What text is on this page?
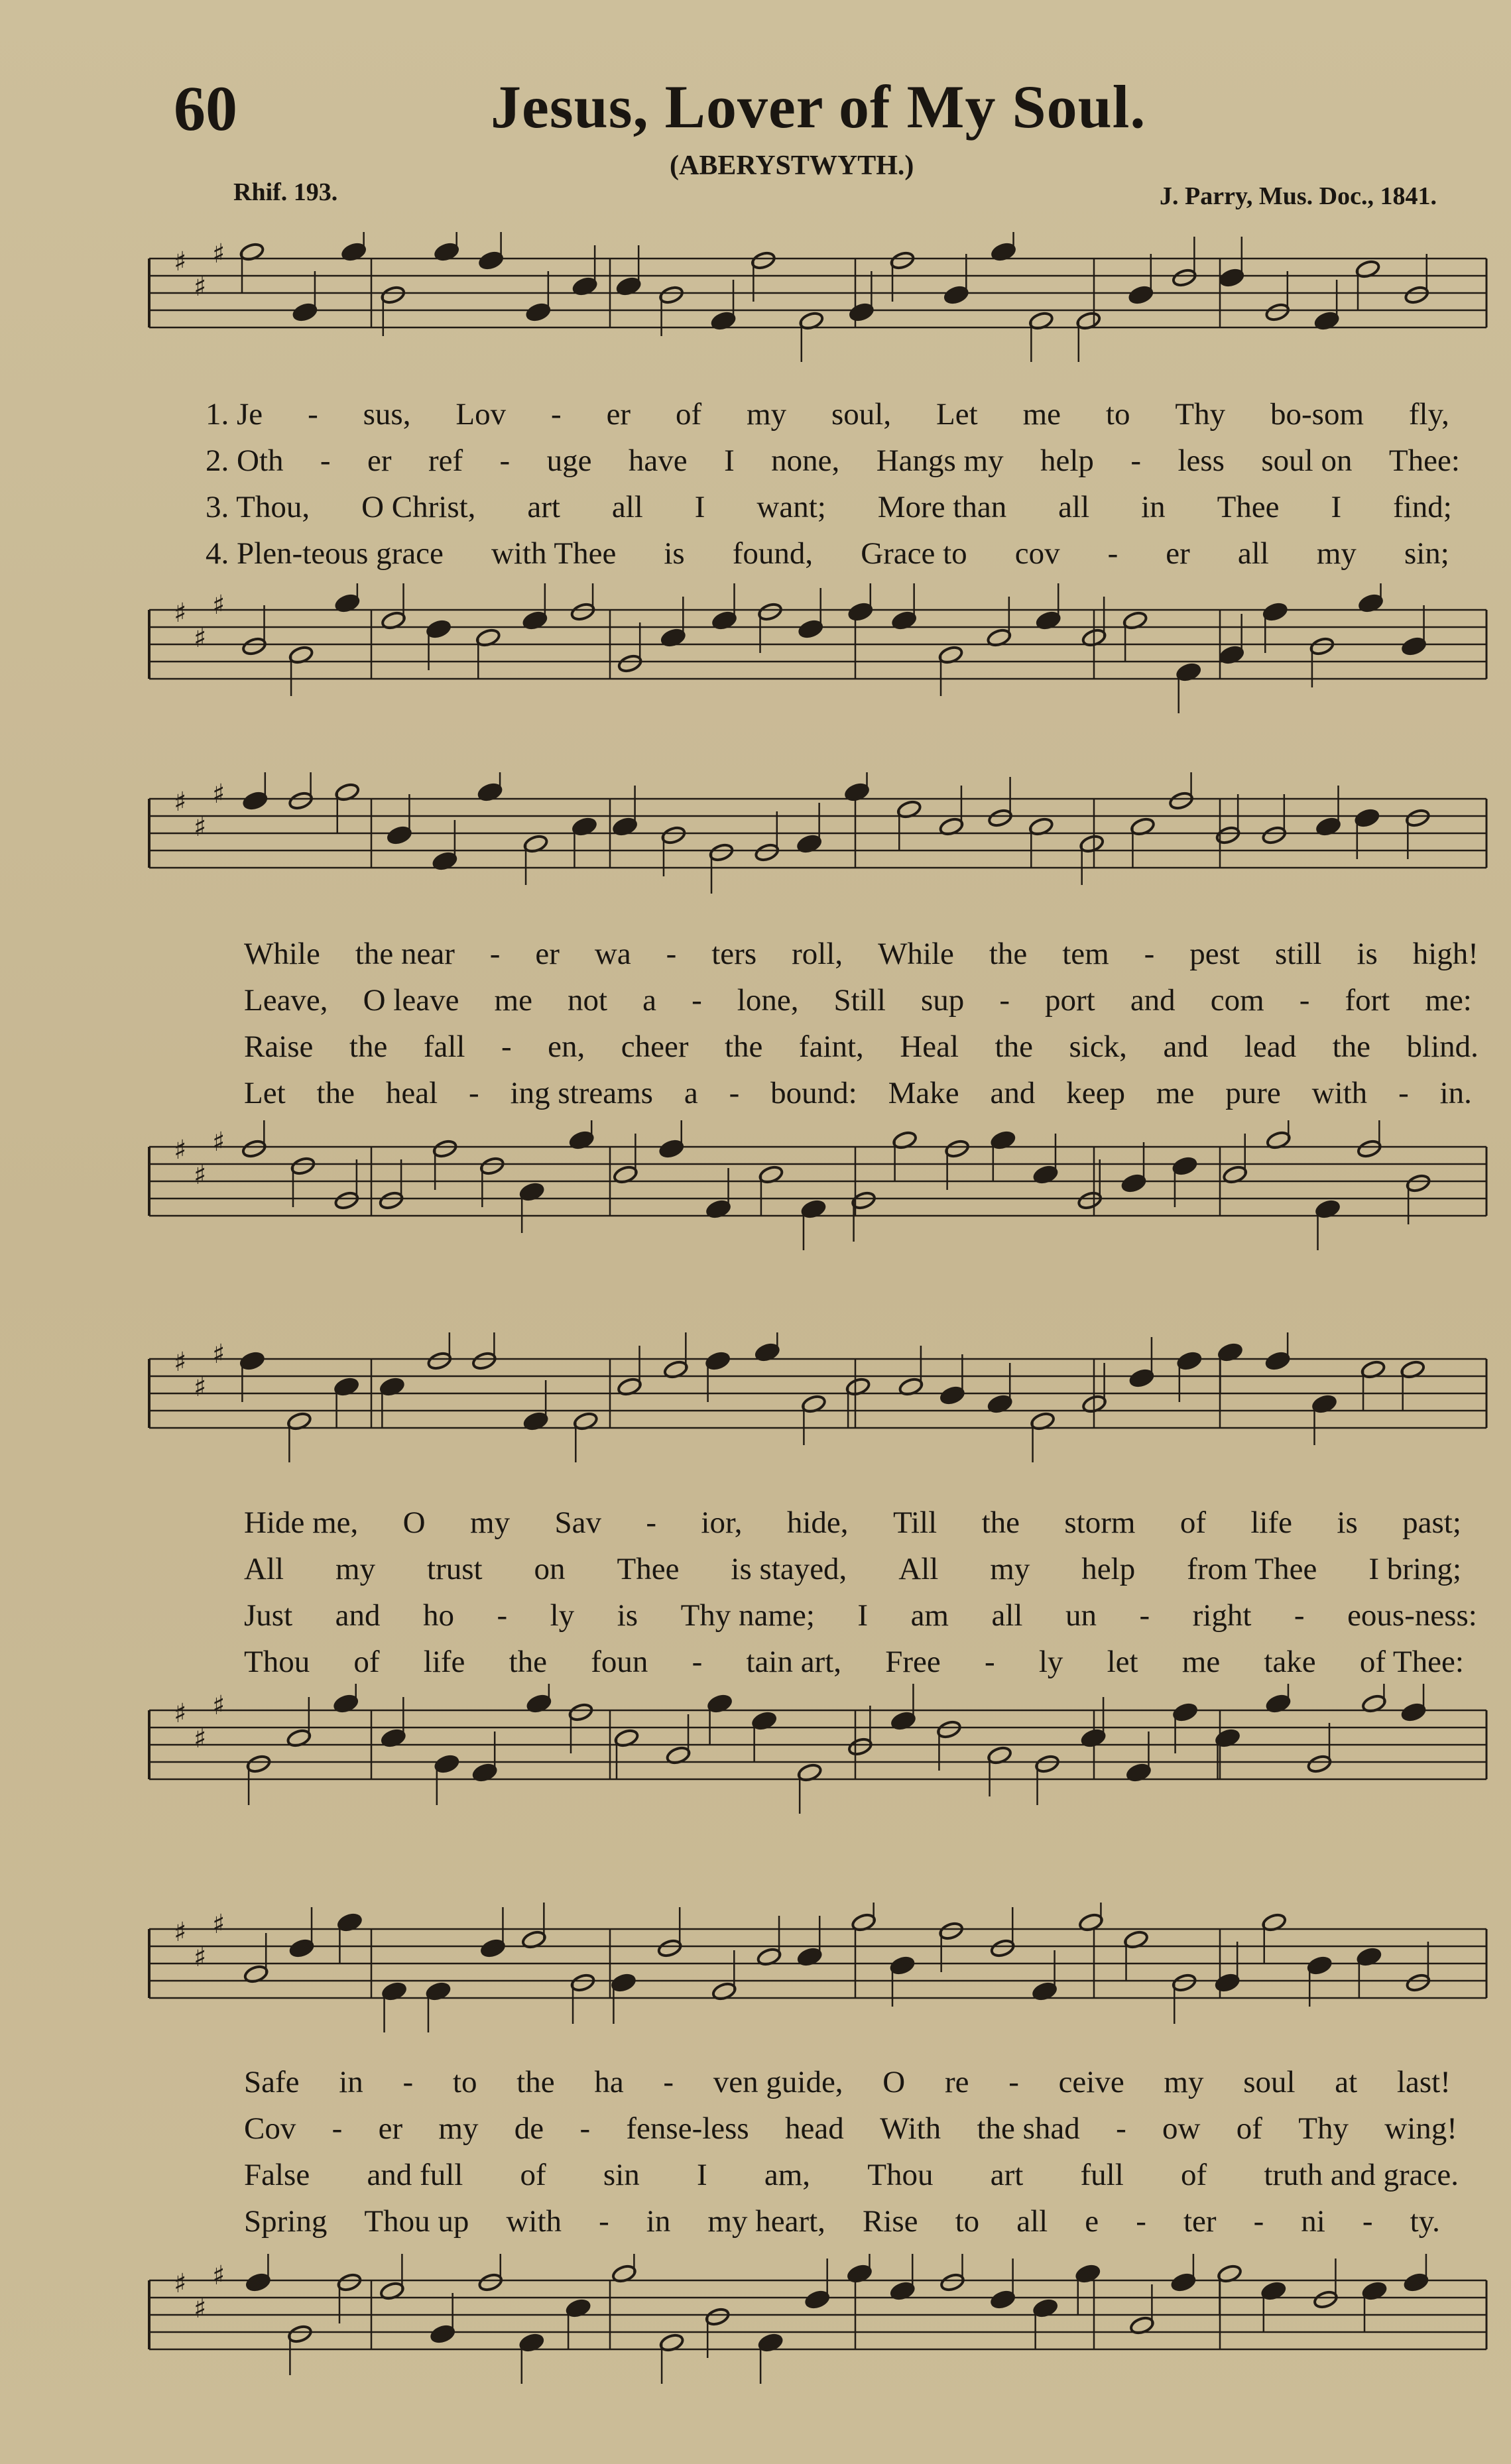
60	Jesus, Lover of My Soul.
(ABERYSTWYTH.)
Rhif. 193.	J. Parry, Mus. Doc., 1841.
♯
♯
♯
1. Je - sus, Lov - er of my soul, Let me to Thy bo-som fly,
2. Oth - er ref - uge have I none, Hangs my help - less soul on Thee:
3. Thou, O Christ, art all I want; More than all in Thee I find;
4. Plen-teous grace with Thee is found, Grace to cov - er all my sin;
♯
♯
♯
♯
♯
♯
While the near - er wa - ters roll, While the tem - pest still is high!
Leave, O leave me not a - lone, Still sup - port and com - fort me:
Raise the fall - en, cheer the faint, Heal the sick, and lead the blind.
Let the heal - ing streams a - bound: Make and keep me pure with - in.
♯
♯
♯
♯
♯
♯
Hide me, O my Sav - ior, hide, Till the storm of life is past;
All my trust on Thee is stayed, All my help from Thee I bring;
Just and ho - ly is Thy name; I am all un - right - eous-ness:
Thou of life the foun - tain art, Free - ly let me take of Thee:
♯
♯
♯
♯
♯
♯
Safe in - to the ha - ven guide, O re - ceive my soul at last!
Cov - er my de - fense-less head With the shad - ow of Thy wing!
False and full of sin I am, Thou art full of truth and grace.
Spring Thou up with - in my heart, Rise to all e - ter - ni - ty.
♯
♯
♯
